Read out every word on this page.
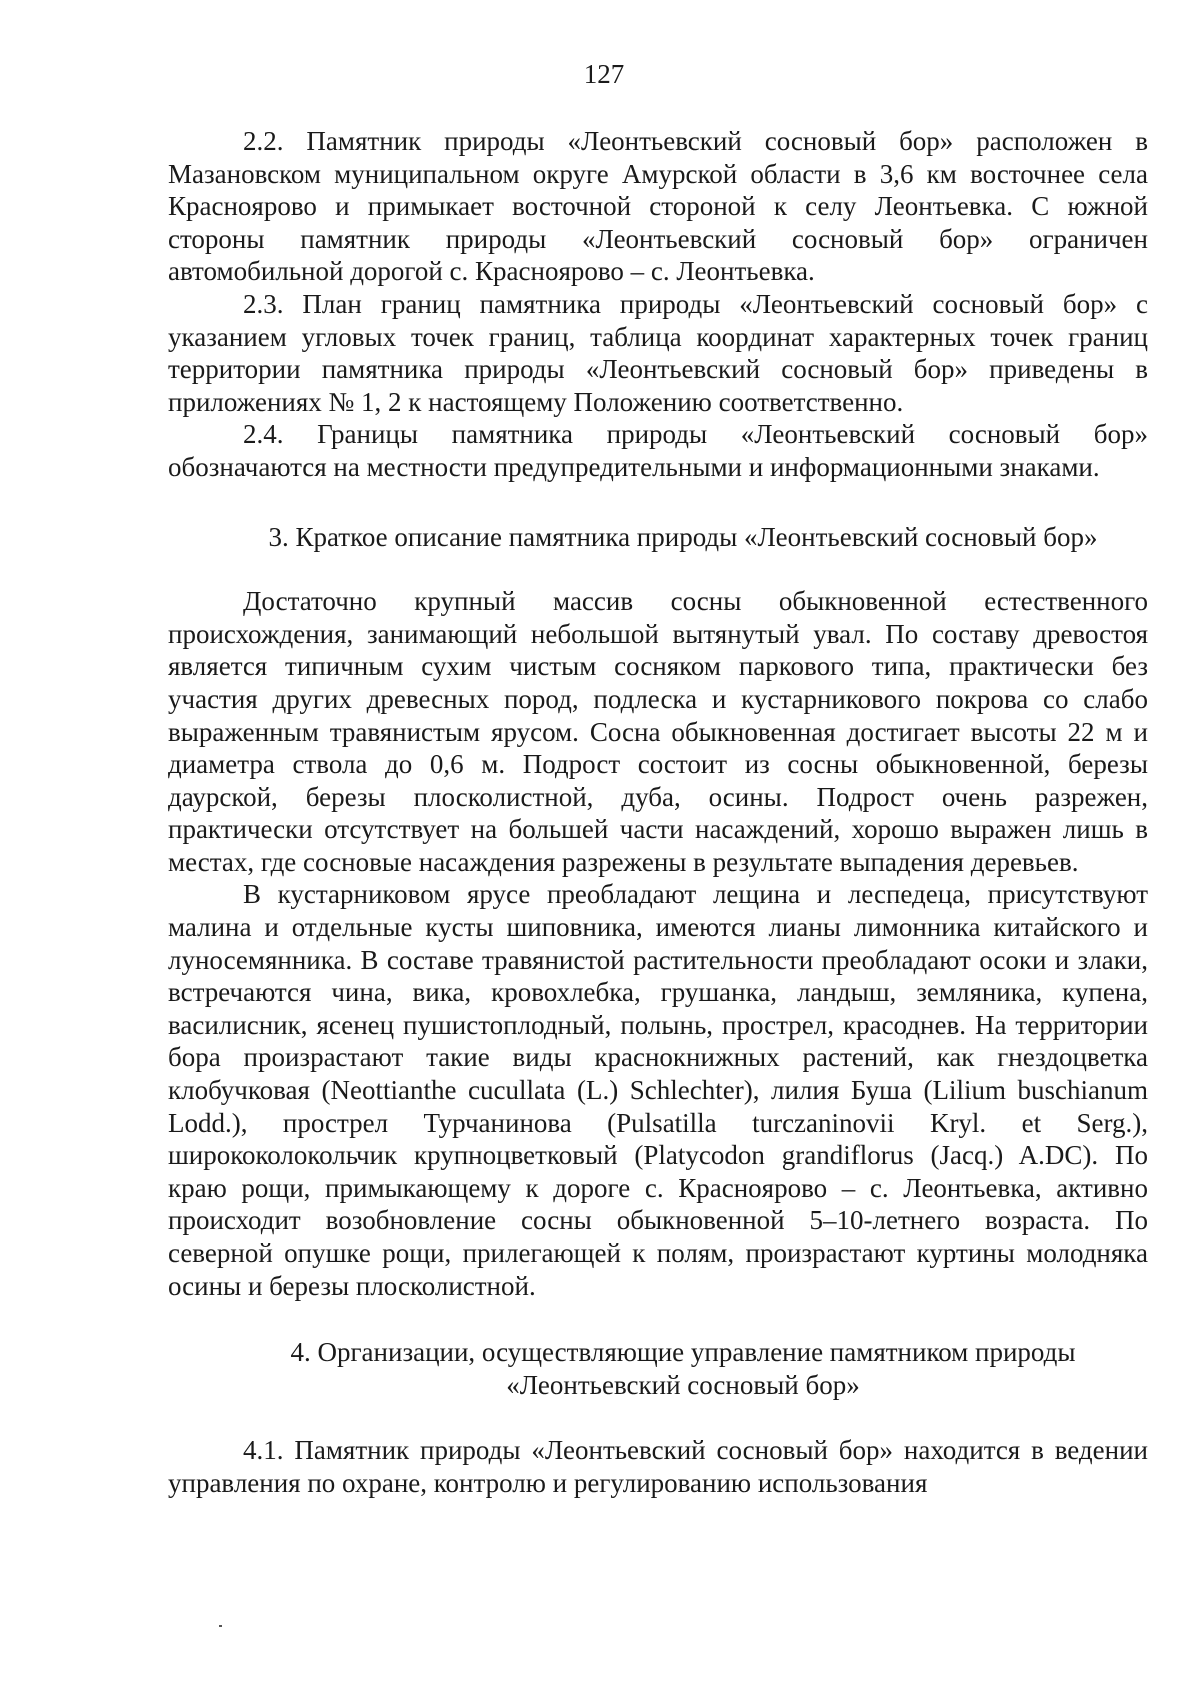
127

2.2. Памятник природы «Леонтьевский сосновый бор» расположен в Мазановском муниципальном округе Амурской области в 3,6 км восточнее села Краснoярово и примыкает восточной стороной к селу Леонтьевка. С южной стороны памятник природы «Леонтьевский сосновый бор» ограничен автомобильной дорогой с. Краснoярово – с. Леонтьевка.

2.3. План границ памятника природы «Леонтьевский сосновый бор» с указанием угловых точек границ, таблица координат характерных точек границ территории памятника природы «Леонтьевский сосновый бор» приведены в приложениях № 1, 2 к настоящему Положению соответственно.

2.4. Границы памятника природы «Леонтьевский сосновый бор» обозначаются на местности предупредительными и информационными знаками.

3. Краткое описание памятника природы «Леонтьевский сосновый бор»

Достаточно крупный массив сосны обыкновенной естественного происхождения, занимающий небольшой вытянутый увал. По составу древостоя является типичным сухим чистым сосняком паркового типа, практически без участия других древесных пород, подлеска и кустарникового покрова со слабо выраженным травянистым ярусом. Сосна обыкновенная достигает высоты 22 м и диаметра ствола до 0,6 м. Подрост состоит из сосны обыкновенной, березы даурской, березы плосколистной, дуба, осины. Подрост очень разрежен, практически отсутствует на большей части насаждений, хорошо выражен лишь в местах, где сосновые насаждения разрежены в результате выпадения деревьев.

В кустарниковом ярусе преобладают лещина и леспедеца, присутствуют малина и отдельные кусты шиповника, имеются лианы лимонника китайского и луносемянника. В составе травянистой растительности преобладают осоки и злаки, встречаются чина, вика, кровохлебка, грушанка, ландыш, земляника, купена, василисник, ясенец пушистоплодный, полынь, прострел, красоднев. На территории бора произрастают такие виды краснокнижных растений, как гнездоцветка клобучковая (Neottianthe cucullata (L.) Schlechter), лилия Буша (Lilium buschianum Lodd.), прострел Турчанинова (Pulsatilla turczaninovii Kryl. et Serg.), ширококолокольчик крупноцветковый (Platycodon grandiflorus (Jacq.) A.DC). По краю рощи, примыкающему к дороге с. Краснoярово – с. Леонтьевка, активно происходит возобновление сосны обыкновенной 5–10-летнего возраста. По северной опушке рощи, прилегающей к полям, произрастают куртины молодняка осины и березы плосколистной.

4. Организации, осуществляющие управление памятником природы
«Леонтьевский сосновый бор»

4.1. Памятник природы «Леонтьевский сосновый бор» находится в ведении управления по охране, контролю и регулированию использования
